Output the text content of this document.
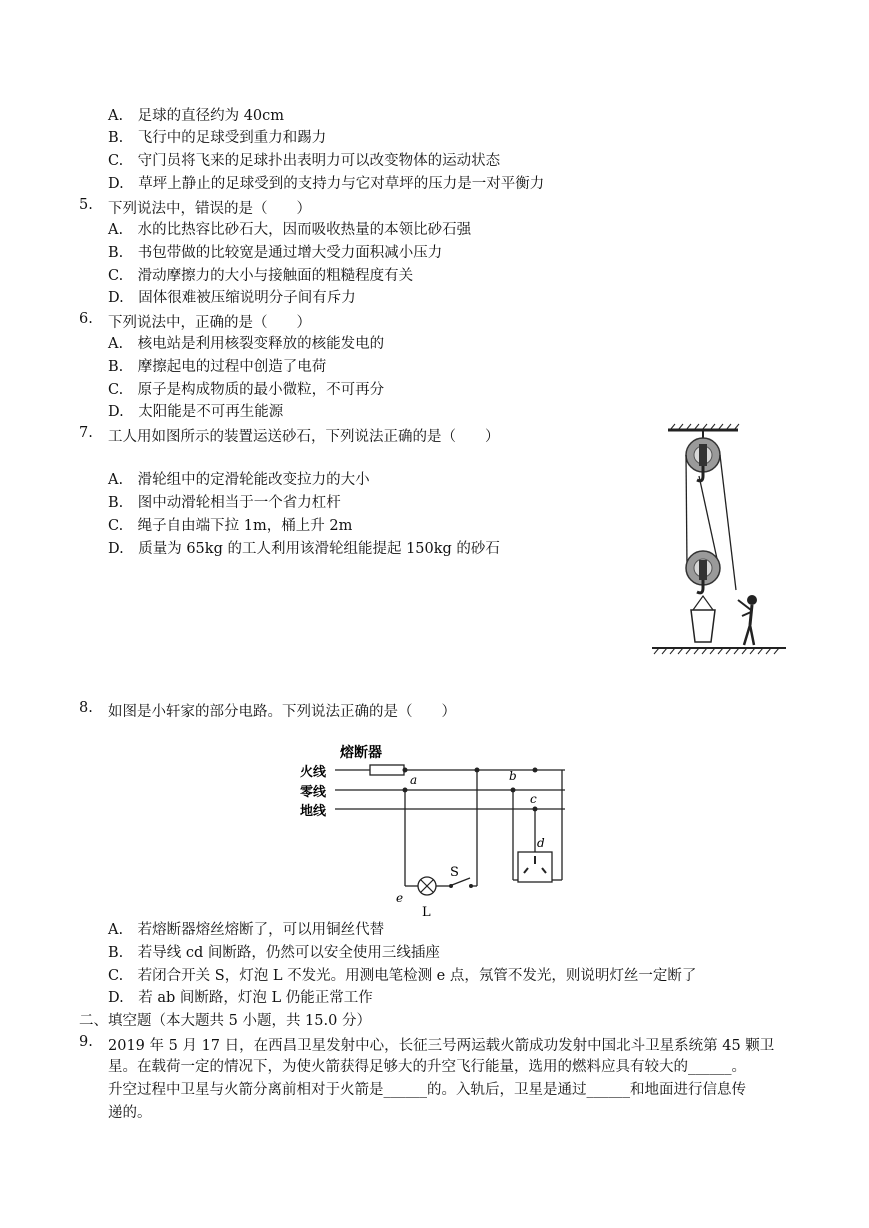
A.　足球的直径约为 40cm
B.　飞行中的足球受到重力和踢力
C.　守门员将飞来的足球扑出表明力可以改变物体的运动状态
D.　草坪上静止的足球受到的支持力与它对草坪的压力是一对平衡力
5. 下列说法中，错误的是（　　）
A.　水的比热容比砂石大，因而吸收热量的本领比砂石强
B.　书包带做的比较宽是通过增大受力面积减小压力
C.　滑动摩擦力的大小与接触面的粗糙程度有关
D.　固体很难被压缩说明分子间有斥力
6. 下列说法中，正确的是（　　）
A.　核电站是利用核裂变释放的核能发电的
B.　摩擦起电的过程中创造了电荷
C.　原子是构成物质的最小微粒，不可再分
D.　太阳能是不可再生能源
7. 工人用如图所示的装置运送砂石，下列说法正确的是（　　）
A.　滑轮组中的定滑轮能改变拉力的大小
B.　图中动滑轮相当于一个省力杠杆
C.　绳子自由端下拉 1m，桶上升 2m
D.　质量为 65kg 的工人利用该滑轮组能提起 150kg 的砂石
8. 如图是小轩家的部分电路。下列说法正确的是（　　）
熔断器
火线
零线
地线
a	b
c
e
L
S
d
A.　若熔断器熔丝熔断了，可以用铜丝代替
B.　若导线 cd 间断路，仍然可以安全使用三线插座
C.　若闭合开关 S，灯泡 L 不发光。用测电笔检测 e 点，氖管不发光，则说明灯丝一定断了
D.　若 ab 间断路，灯泡 L 仍能正常工作
二、填空题（本大题共 5 小题，共 15.0 分）
9. 2019 年 5 月 17 日，在西昌卫星发射中心，长征三号两运载火箭成功发射中国北斗卫星系统第 45 颗卫
星。在载荷一定的情况下，为使火箭获得足够大的升空飞行能量，选用的燃料应具有较大的______。
升空过程中卫星与火箭分离前相对于火箭是______的。入轨后，卫星是通过______和地面进行信息传
递的。
